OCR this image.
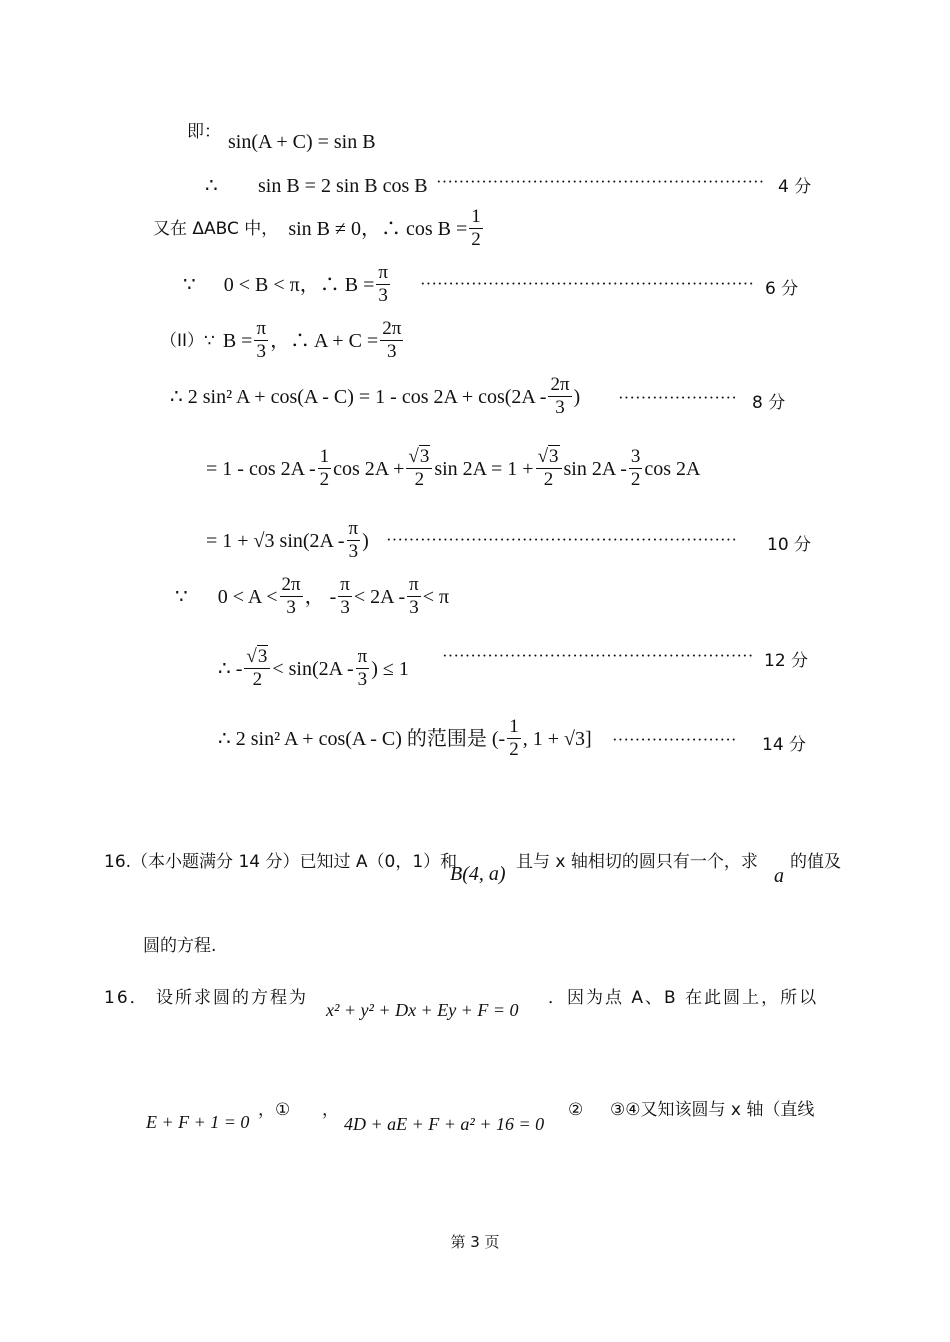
即： sin(A + C) = sin B
∴ sin B = 2 sin B cos B ·························································· 4 分
又在 ΔABC 中， sin B ≠ 0，∴ $\cos B = \frac{1}{2}$
∵ 0 < B < π，∴ $B = \frac{\pi}{3}$ ··························································· 6 分
（II）∵ $B = \frac{\pi}{3}$ ，∴ $A + C = \frac{2\pi}{3}$
∴ 2 sin² $A + \cos(A - C) = 1 - \cos 2A + \cos(2A - \frac{2\pi}{3}$ ) ····················· 8 分
= $1 - \cos 2A - \frac{1}{2}$ $\cos 2A + \frac{√3}{2}$ $\sin 2A = 1 + \frac{√3}{2}$ $\sin 2A - \frac{3}{2}$ cos 2A
= 1 + √3 $\sin(2A - \frac{\pi}{3}$ ) ······························································ 10 分
∵ $0 < A < \frac{2\pi}{3}$ ， - $\frac{\pi}{3} < 2A - \frac{\pi}{3} < \pi$
∴ - $\frac{√3}{2} < \sin(2A - \frac{\pi}{3}$ ) ≤ 1
······················································· 12 分
∴ 2 sin² A + cos(A - C) 的范围是 (- $\frac{1}{2}$ , 1 + √3] ······················ 14 分
16.（本小题满分 14 分）已知过 A（0，1）和
B(4, a)
且与 x 轴相切的圆只有一个，求
a
的值及
圆的方程.
16． 设所求圆的方程为
x² + y² + Dx + Ey + F = 0
．因为点 A、B 在此圆上，所以
E + F + 1 = 0
，① ，
4D + aE + F + a² + 16 = 0
② ③④又知该圆与 x 轴（直线
第 3 页
